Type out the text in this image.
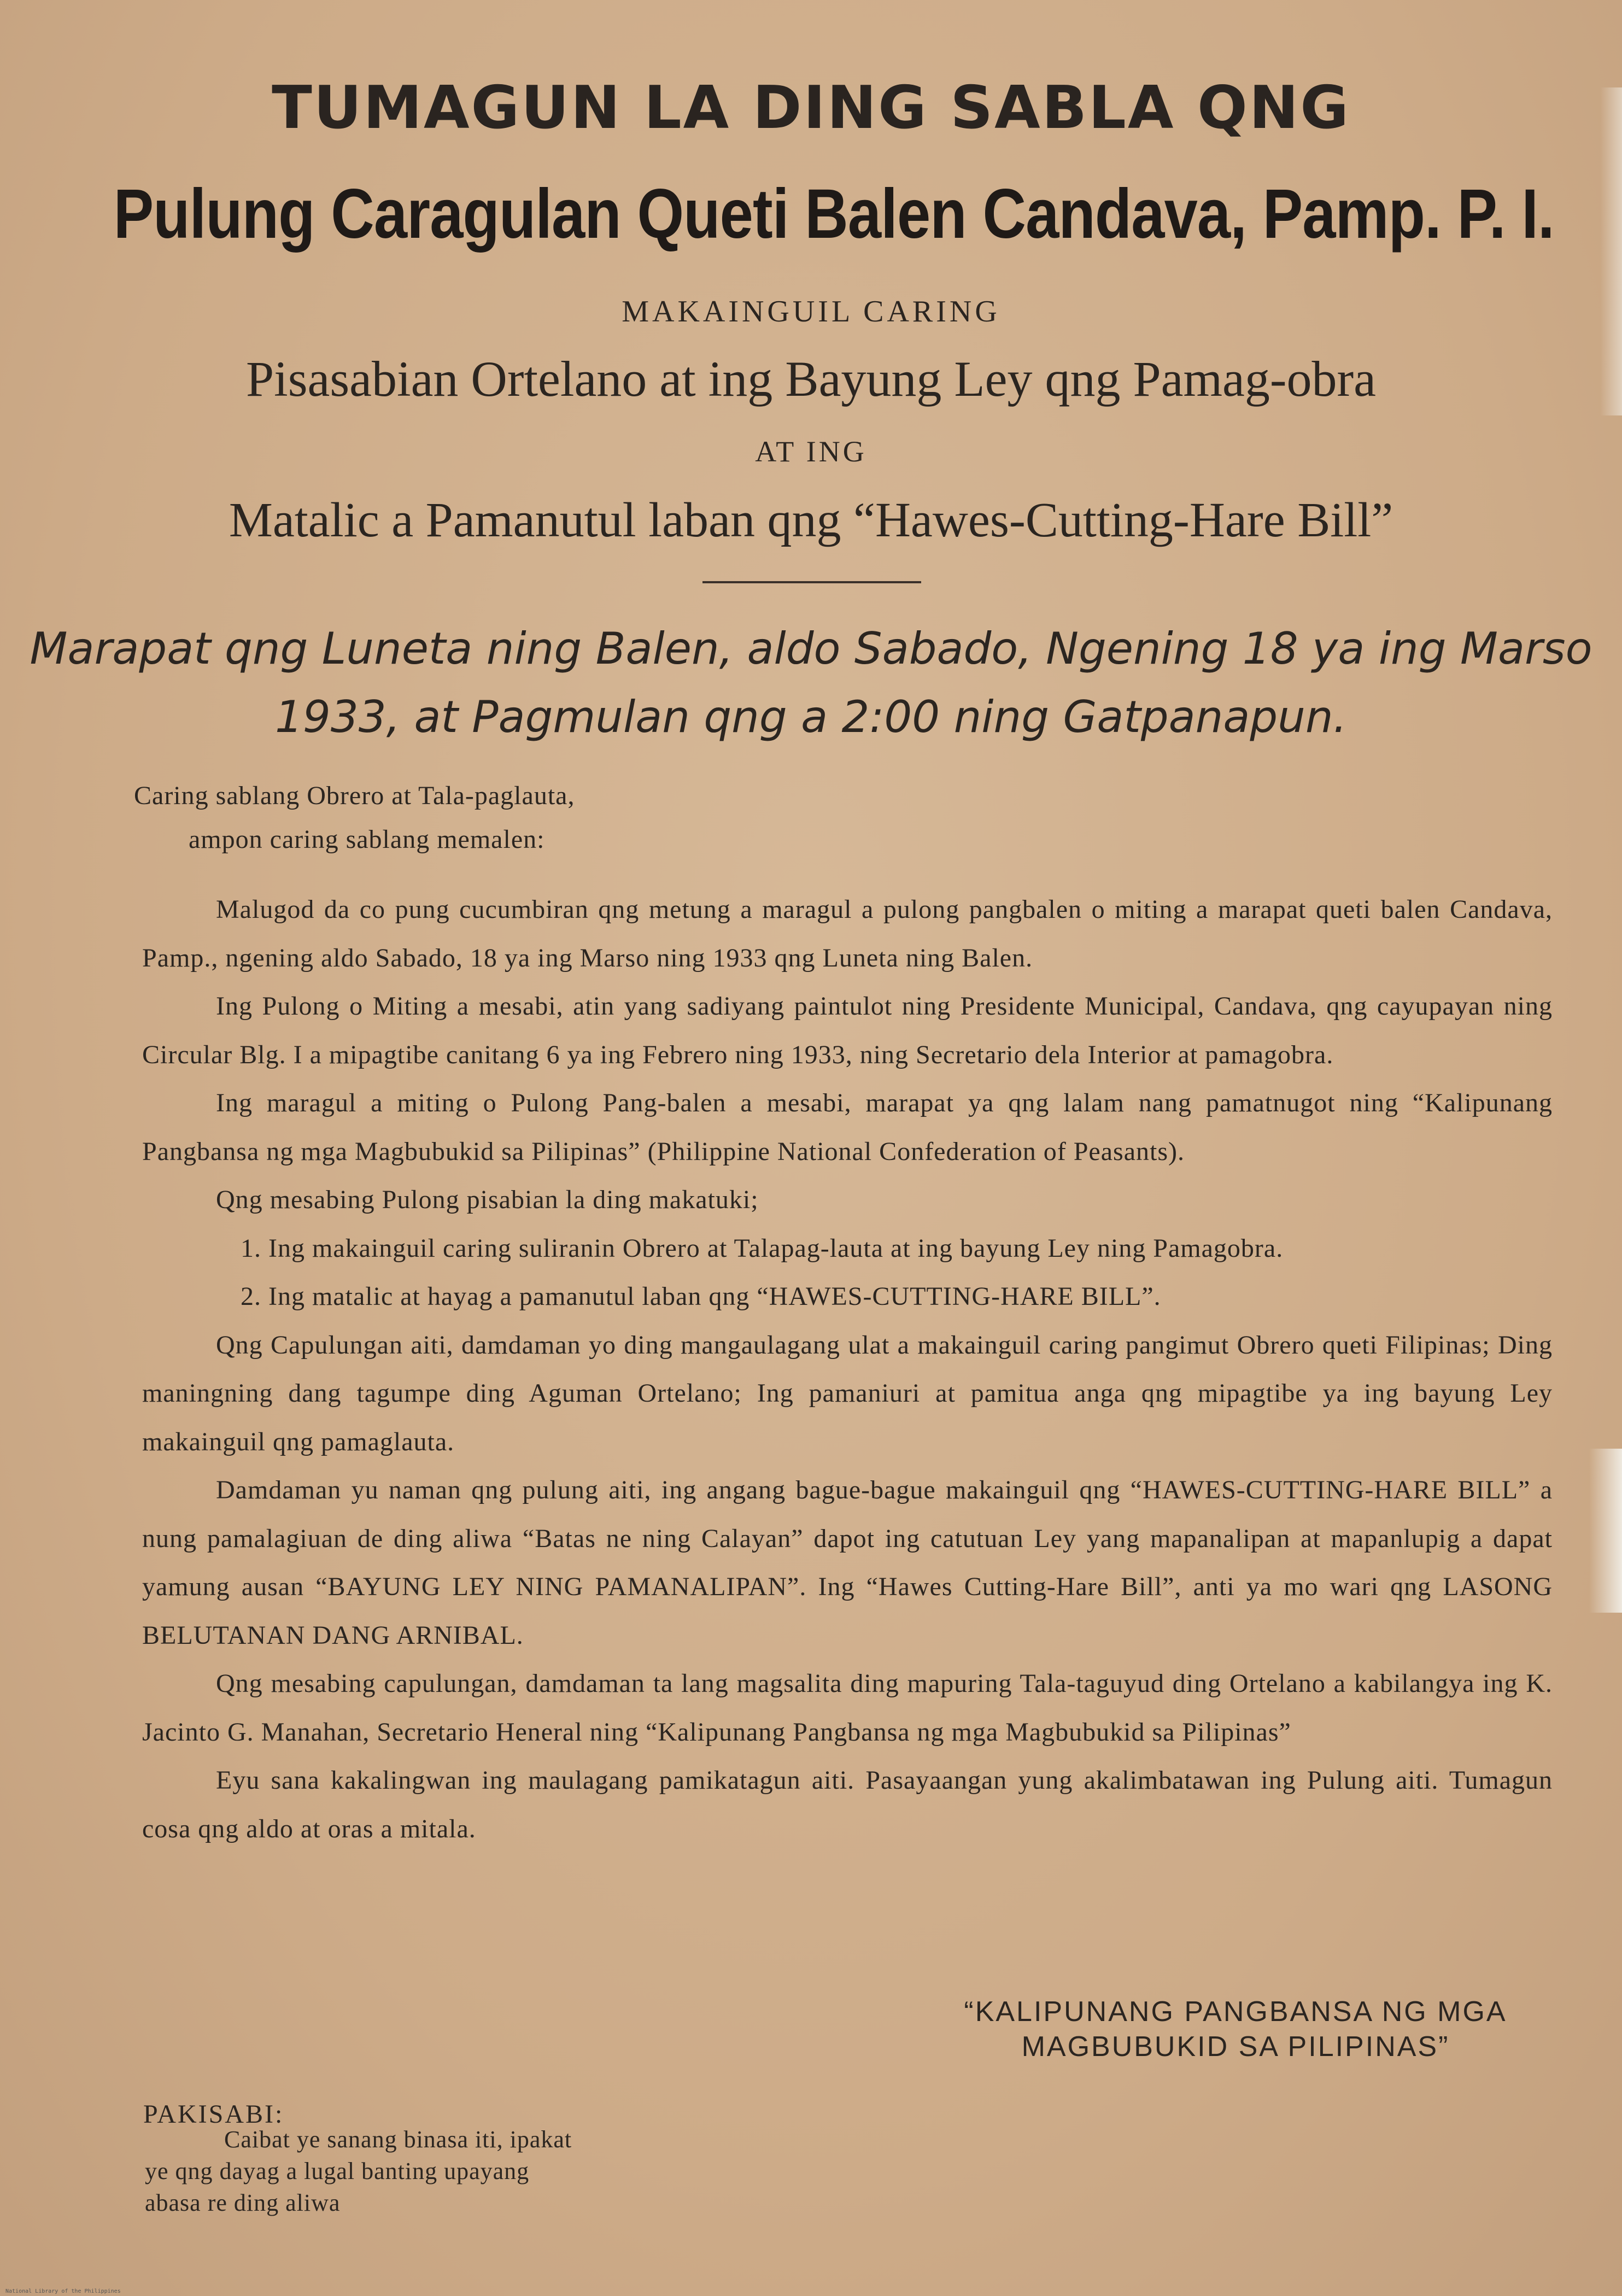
TUMAGUN LA DING SABLA QNG
Pulung Caragulan Queti Balen Candava, Pamp. P. I.
MAKAINGUIL CARING
Pisasabian Ortelano at ing Bayung Ley qng Pamag-obra
AT ING
Matalic a Pamanutul laban qng “Hawes-Cutting-Hare Bill”
Marapat qng Luneta ning Balen, aldo Sabado, Ngening 18 ya ing Marso
1933, at Pagmulan qng a 2:00 ning Gatpanapun.
Caring sablang Obrero at Tala-paglauta,
ampon caring sablang memalen:

Malugod da co pung cucumbiran qng metung a maragul a pulong pangbalen o miting a marapat queti balen Candava, Pamp., ngening aldo Sabado, 18 ya ing Marso ning 1933 qng Luneta ning Balen.

Ing Pulong o Miting a mesabi, atin yang sadiyang paintulot ning Presidente Municipal, Candava, qng cayupayan ning Circular Blg. I a mipagtibe canitang 6 ya ing Febrero ning 1933, ning Secretario dela Interior at pamagobra.

Ing maragul a miting o Pulong Pang-balen a mesabi, marapat ya qng lalam nang pamatnugot ning “Kalipunang Pangbansa ng mga Magbubukid sa Pilipinas” (Philippine National Confederation of Peasants).

Qng mesabing Pulong pisabian la ding makatuki;

1. Ing makainguil caring suliranin Obrero at Talapag-lauta at ing bayung Ley ning Pamagobra.

2. Ing matalic at hayag a pamanutul laban qng “HAWES-CUTTING-HARE BILL”.

Qng Capulungan aiti, damdaman yo ding mangaulagang ulat a makainguil caring pangimut Obrero queti Filipinas; Ding maningning dang tagumpe ding Aguman Ortelano; Ing pamaniuri at pamitua anga qng mipagtibe ya ing bayung Ley makainguil qng pamaglauta.

Damdaman yu naman qng pulung aiti, ing angang bague-bague makainguil qng “HAWES-CUTTING-HARE BILL” a nung pamalagiuan de ding aliwa “Batas ne ning Calayan” dapot ing catutuan Ley yang mapanalipan at mapanlupig a dapat yamung ausan “BAYUNG LEY NING PAMANALIPAN”. Ing “Hawes Cutting-Hare Bill”, anti ya mo wari qng LASONG BELUTANAN DANG ARNIBAL.

Qng mesabing capulungan, damdaman ta lang magsalita ding mapuring Tala-taguyud ding Ortelano a kabilangya ing K. Jacinto G. Manahan, Secretario Heneral ning “Kalipunang Pangbansa ng mga Magbubukid sa Pilipinas”

Eyu sana kakalingwan ing maulagang pamikatagun aiti. Pasayaangan yung akalimbatawan ing Pulung aiti. Tumagun cosa qng aldo at oras a mitala.

“KALIPUNANG PANGBANSA NG MGA
MAGBUBUKID SA PILIPINAS”
PAKISABI:
Caibat ye sanang binasa iti, ipakat
ye qng dayag a lugal banting upayang
abasa re ding aliwa
National Library of the Philippines
